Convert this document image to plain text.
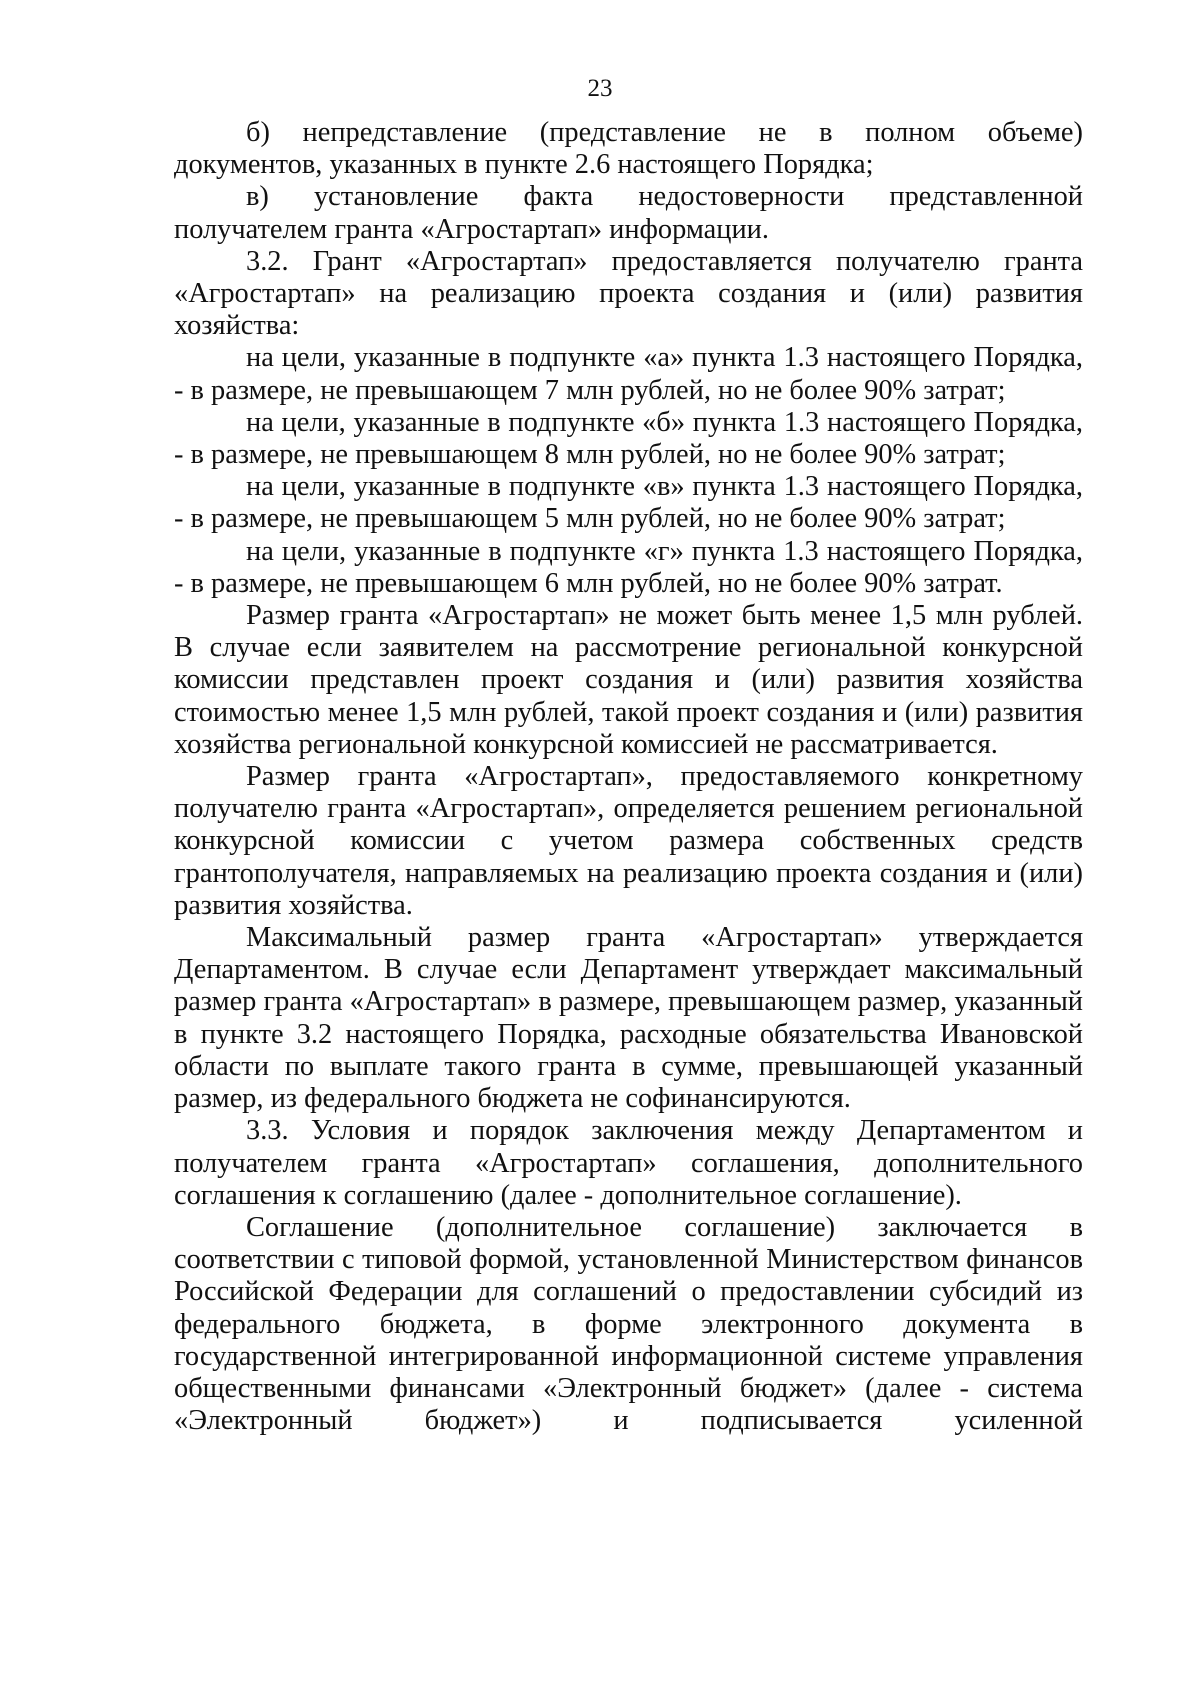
23

б) непредставление (представление не в полном объеме) документов, указанных в пункте 2.6 настоящего Порядка;

в) установление факта недостоверности представленной получателем гранта «Агростартап» информации.

3.2. Грант «Агростартап» предоставляется получателю гранта «Агростартап» на реализацию проекта создания и (или) развития хозяйства:

на цели, указанные в подпункте «а» пункта 1.3 настоящего Порядка, - в размере, не превышающем 7 млн рублей, но не более 90% затрат;

на цели, указанные в подпункте «б» пункта 1.3 настоящего Порядка, - в размере, не превышающем 8 млн рублей, но не более 90% затрат;

на цели, указанные в подпункте «в» пункта 1.3 настоящего Порядка, - в размере, не превышающем 5 млн рублей, но не более 90% затрат;

на цели, указанные в подпункте «г» пункта 1.3 настоящего Порядка, - в размере, не превышающем 6 млн рублей, но не более 90% затрат.

Размер гранта «Агростартап» не может быть менее 1,5 млн рублей. В случае если заявителем на рассмотрение региональной конкурсной комиссии представлен проект создания и (или) развития хозяйства стоимостью менее 1,5 млн рублей, такой проект создания и (или) развития хозяйства региональной конкурсной комиссией не рассматривается.

Размер гранта «Агростартап», предоставляемого конкретному получателю гранта «Агростартап», определяется решением региональной конкурсной комиссии с учетом размера собственных средств грантополучателя, направляемых на реализацию проекта создания и (или) развития хозяйства.

Максимальный размер гранта «Агростартап» утверждается Департаментом. В случае если Департамент утверждает максимальный размер гранта «Агростартап» в размере, превышающем размер, указанный в пункте 3.2 настоящего Порядка, расходные обязательства Ивановской области по выплате такого гранта в сумме, превышающей указанный размер, из федерального бюджета не софинансируются.

3.3. Условия и порядок заключения между Департаментом и получателем гранта «Агростартап» соглашения, дополнительного соглашения к соглашению (далее - дополнительное соглашение).

Соглашение (дополнительное соглашение) заключается в соответствии с типовой формой, установленной Министерством финансов Российской Федерации для соглашений о предоставлении субсидий из федерального бюджета, в форме электронного документа в государственной интегрированной информационной системе управления общественными финансами «Электронный бюджет» (далее - система «Электронный бюджет») и подписывается усиленной
